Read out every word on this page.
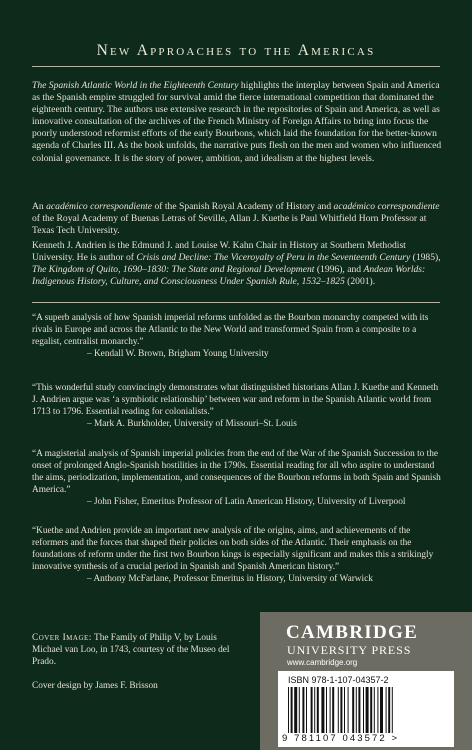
New Approaches to the Americas
The Spanish Atlantic World in the Eighteenth Century highlights the interplay between Spain and America as the Spanish empire struggled for survival amid the fierce international competition that dominated the eighteenth century. The authors use extensive research in the repositories of Spain and America, as well as innovative consultation of the archives of the French Ministry of Foreign Affairs to bring into focus the poorly understood reformist efforts of the early Bourbons, which laid the foundation for the better-known agenda of Charles III. As the book unfolds, the narrative puts flesh on the men and women who influenced colonial governance. It is the story of power, ambition, and idealism at the highest levels.
An académico correspondiente of the Spanish Royal Academy of History and académico correspondiente of the Royal Academy of Buenas Letras of Seville, Allan J. Kuethe is Paul Whitfield Horn Professor at Texas Tech University.
Kenneth J. Andrien is the Edmund J. and Louise W. Kahn Chair in History at Southern Methodist University. He is author of Crisis and Decline: The Viceroyalty of Peru in the Seventeenth Century (1985), The Kingdom of Quito, 1690–1830: The State and Regional Development (1996), and Andean Worlds: Indigenous History, Culture, and Consciousness Under Spanish Rule, 1532–1825 (2001).
“A superb analysis of how Spanish imperial reforms unfolded as the Bourbon monarchy competed with its rivals in Europe and across the Atlantic to the New World and transformed Spain from a composite to a regalist, centralist monarchy.”
– Kendall W. Brown, Brigham Young University
“This wonderful study convincingly demonstrates what distinguished historians Allan J. Kuethe and Kenneth J. Andrien argue was ‘a symbiotic relationship’ between war and reform in the Spanish Atlantic world from 1713 to 1796. Essential reading for colonialists.”
– Mark A. Burkholder, University of Missouri–St. Louis
“A magisterial analysis of Spanish imperial policies from the end of the War of the Spanish Succession to the onset of prolonged Anglo-Spanish hostilities in the 1790s. Essential reading for all who aspire to understand the aims, periodization, implementation, and consequences of the Bourbon reforms in both Spain and Spanish America.”
– John Fisher, Emeritus Professor of Latin American History, University of Liverpool
“Kuethe and Andrien provide an important new analysis of the origins, aims, and achievements of the reformers and the forces that shaped their policies on both sides of the Atlantic. Their emphasis on the foundations of reform under the first two Bourbon kings is especially significant and makes this a strikingly innovative synthesis of a crucial period in Spanish and Spanish American history.”
– Anthony McFarlane, Professor Emeritus in History, University of Warwick
Cover Image: The Family of Philip V, by Louis Michael van Loo, in 1743, courtesy of the Museo del Prado.
Cover design by James F. Brisson
CAMBRIDGE
UNIVERSITY PRESS
www.cambridge.org
ISBN 978-1-107-04357-2
9 781107 043572 >
